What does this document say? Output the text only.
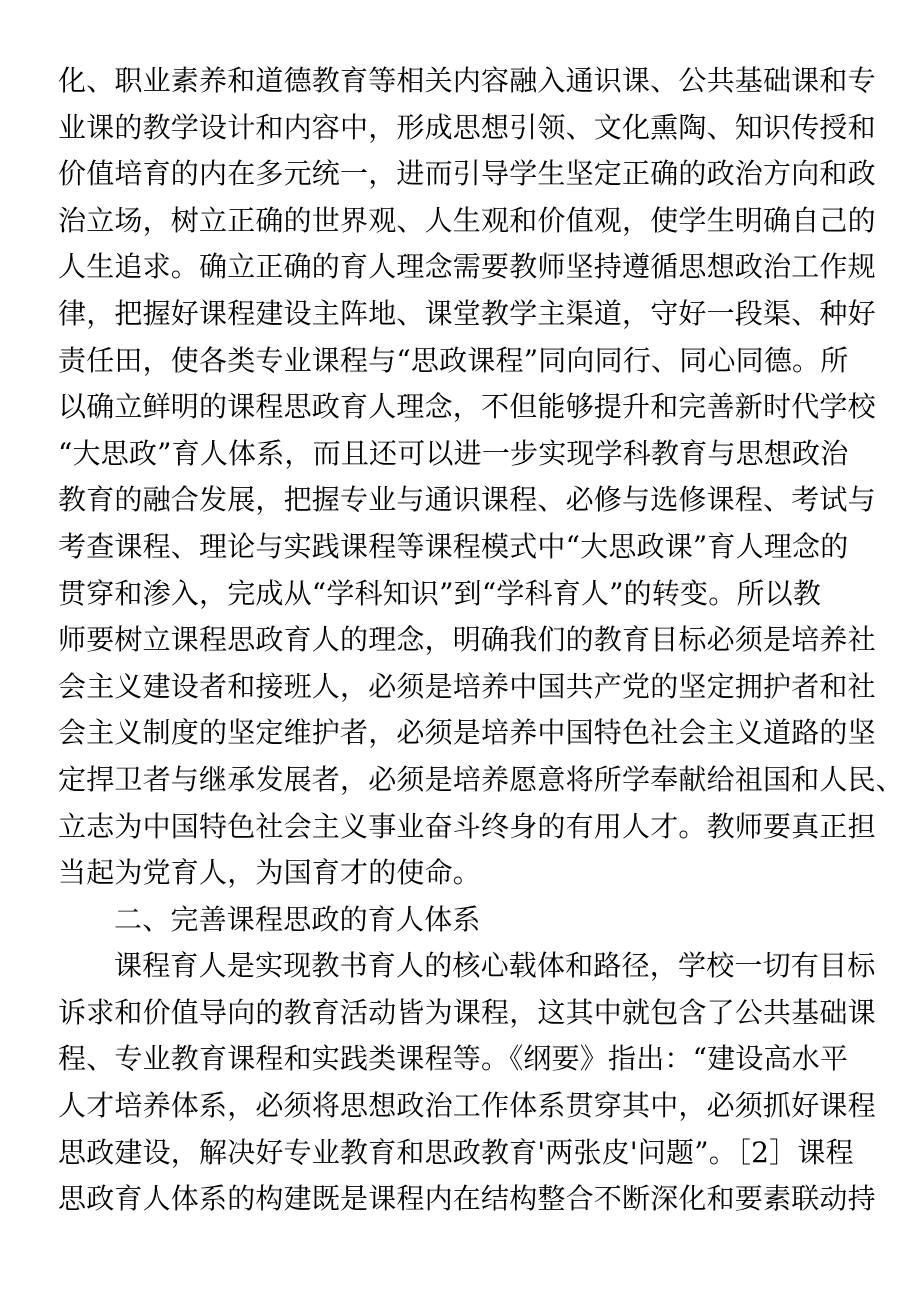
化、职业素养和道德教育等相关内容融入通识课、公共基础课和专
业课的教学设计和内容中，形成思想引领、文化熏陶、知识传授和
价值培育的内在多元统一，进而引导学生坚定正确的政治方向和政
治立场，树立正确的世界观、人生观和价值观，使学生明确自己的
人生追求。确立正确的育人理念需要教师坚持遵循思想政治工作规
律，把握好课程建设主阵地、课堂教学主渠道，守好一段渠、种好
责任田，使各类专业课程与“思政课程”同向同行、同心同德。所
以确立鲜明的课程思政育人理念，不但能够提升和完善新时代学校
“大思政”育人体系，而且还可以进一步实现学科教育与思想政治
教育的融合发展，把握专业与通识课程、必修与选修课程、考试与
考查课程、理论与实践课程等课程模式中“大思政课”育人理念的
贯穿和渗入，完成从“学科知识”到“学科育人”的转变。所以教
师要树立课程思政育人的理念，明确我们的教育目标必须是培养社
会主义建设者和接班人，必须是培养中国共产党的坚定拥护者和社
会主义制度的坚定维护者，必须是培养中国特色社会主义道路的坚
定捍卫者与继承发展者，必须是培养愿意将所学奉献给祖国和人民、
立志为中国特色社会主义事业奋斗终身的有用人才。教师要真正担
当起为党育人，为国育才的使命。
二、完善课程思政的育人体系
课程育人是实现教书育人的核心载体和路径，学校一切有目标
诉求和价值导向的教育活动皆为课程，这其中就包含了公共基础课
程、专业教育课程和实践类课程等。《纲要》指出：“建设高水平
人才培养体系，必须将思想政治工作体系贯穿其中，必须抓好课程
思政建设，解决好专业教育和思政教育'两张皮'问题”。［2］课程
思政育人体系的构建既是课程内在结构整合不断深化和要素联动持
